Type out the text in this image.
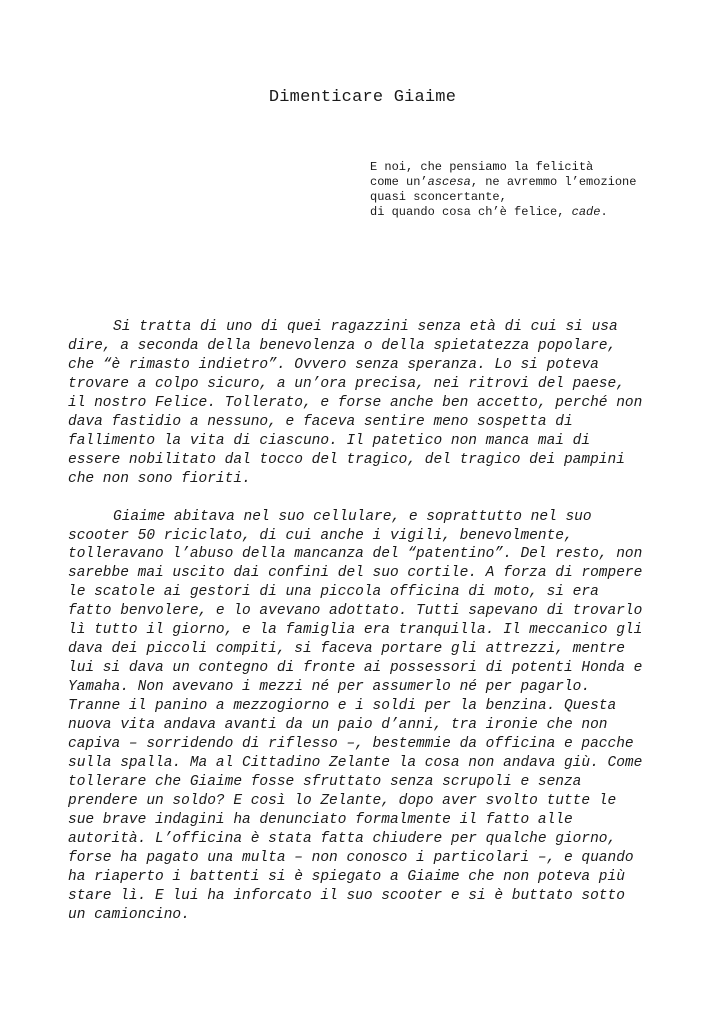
Dimenticare Giaime
E noi, che pensiamo la felicità
come un’ascesa, ne avremmo l’emozione
quasi sconcertante,
di quando cosa ch’è felice, cade.
Si tratta di uno di quei ragazzini senza età di cui si usa
dire, a seconda della benevolenza o della spietatezza popolare,
che “è rimasto indietro”. Ovvero senza speranza. Lo si poteva
trovare a colpo sicuro, a un’ora precisa, nei ritrovi del paese,
il nostro Felice. Tollerato, e forse anche ben accetto, perché non
dava fastidio a nessuno, e faceva sentire meno sospetta di
fallimento la vita di ciascuno. Il patetico non manca mai di
essere nobilitato dal tocco del tragico, del tragico dei pampini
che non sono fioriti.
Giaime abitava nel suo cellulare, e soprattutto nel suo
scooter 50 riciclato, di cui anche i vigili, benevolmente,
tolleravano l’abuso della mancanza del “patentino”. Del resto, non
sarebbe mai uscito dai confini del suo cortile. A forza di rompere
le scatole ai gestori di una piccola officina di moto, si era
fatto benvolere, e lo avevano adottato. Tutti sapevano di trovarlo
lì tutto il giorno, e la famiglia era tranquilla. Il meccanico gli
dava dei piccoli compiti, si faceva portare gli attrezzi, mentre
lui si dava un contegno di fronte ai possessori di potenti Honda e
Yamaha. Non avevano i mezzi né per assumerlo né per pagarlo.
Tranne il panino a mezzogiorno e i soldi per la benzina. Questa
nuova vita andava avanti da un paio d’anni, tra ironie che non
capiva – sorridendo di riflesso –, bestemmie da officina e pacche
sulla spalla. Ma al Cittadino Zelante la cosa non andava giù. Come
tollerare che Giaime fosse sfruttato senza scrupoli e senza
prendere un soldo? E così lo Zelante, dopo aver svolto tutte le
sue brave indagini ha denunciato formalmente il fatto alle
autorità. L’officina è stata fatta chiudere per qualche giorno,
forse ha pagato una multa – non conosco i particolari –, e quando
ha riaperto i battenti si è spiegato a Giaime che non poteva più
stare lì. E lui ha inforcato il suo scooter e si è buttato sotto
un camioncino.
